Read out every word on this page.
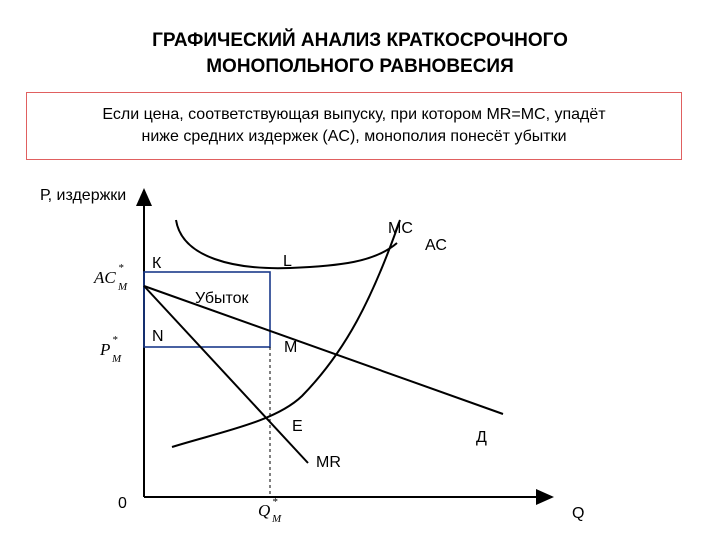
ГРАФИЧЕСКИЙ АНАЛИЗ КРАТКОСРОЧНОГО
МОНОПОЛЬНОГО РАВНОВЕСИЯ
Если цена, соответствующая выпуску, при котором MR=MC, упадёт
ниже средних издержек (AC), монополия понесёт убытки
МС
АС
MR
Д
К	L
N
M
E
Убыток
Р, издержки
Q
0
AC *
M
P *
M
Q *
M
